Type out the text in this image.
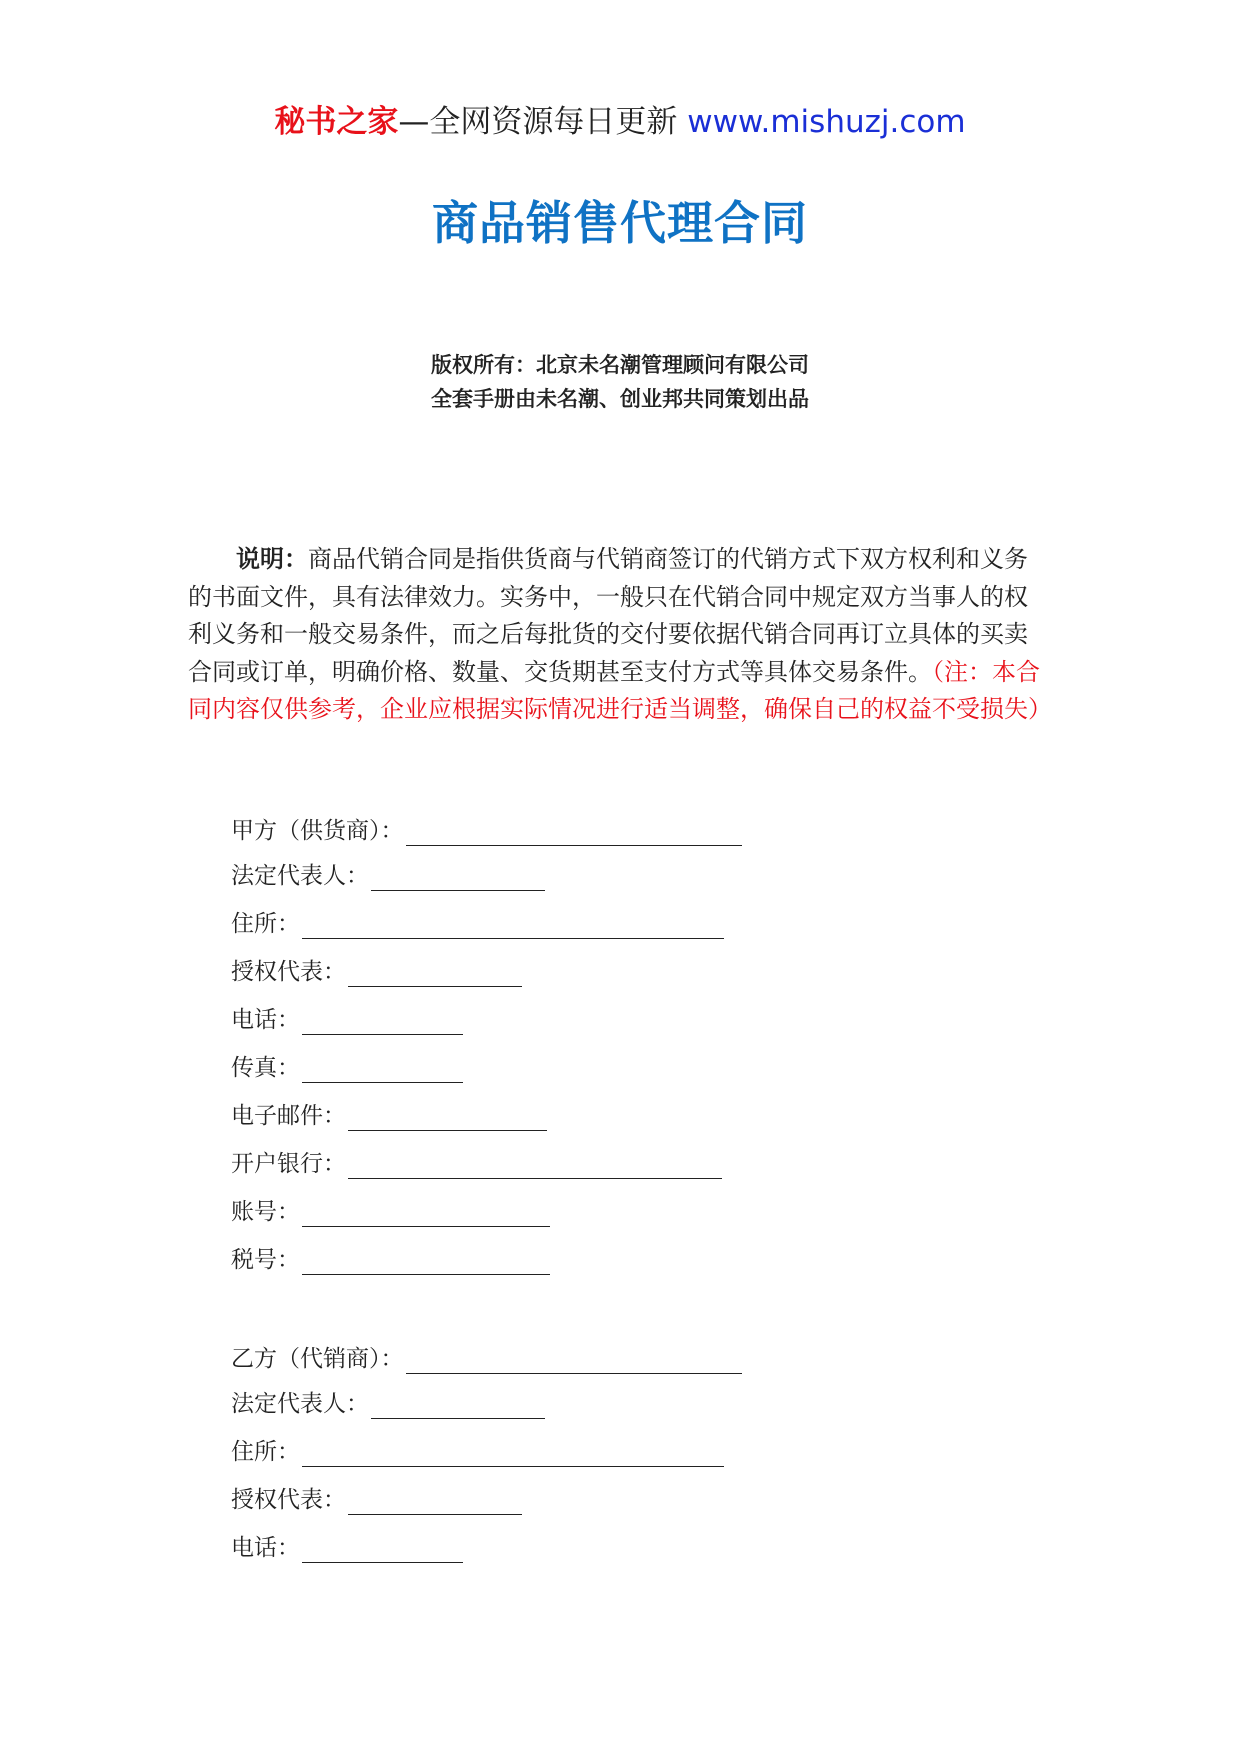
秘书之家—全网资源每日更新 www.mishuzj.com
商品销售代理合同
版权所有：北京未名潮管理顾问有限公司
全套手册由未名潮、创业邦共同策划出品
说明：商品代销合同是指供货商与代销商签订的代销方式下双方权利和义务的书面文件，具有法律效力。实务中，一般只在代销合同中规定双方当事人的权利义务和一般交易条件，而之后每批货的交付要依据代销合同再订立具体的买卖合同或订单，明确价格、数量、交货期甚至支付方式等具体交易条件。（注：本合同内容仅供参考，企业应根据实际情况进行适当调整，确保自己的权益不受损失）
甲方（供货商）：
法定代表人：
住所：
授权代表：
电话：
传真：
电子邮件：
开户银行：
账号：
税号：
乙方（代销商）：
法定代表人：
住所：
授权代表：
电话：
